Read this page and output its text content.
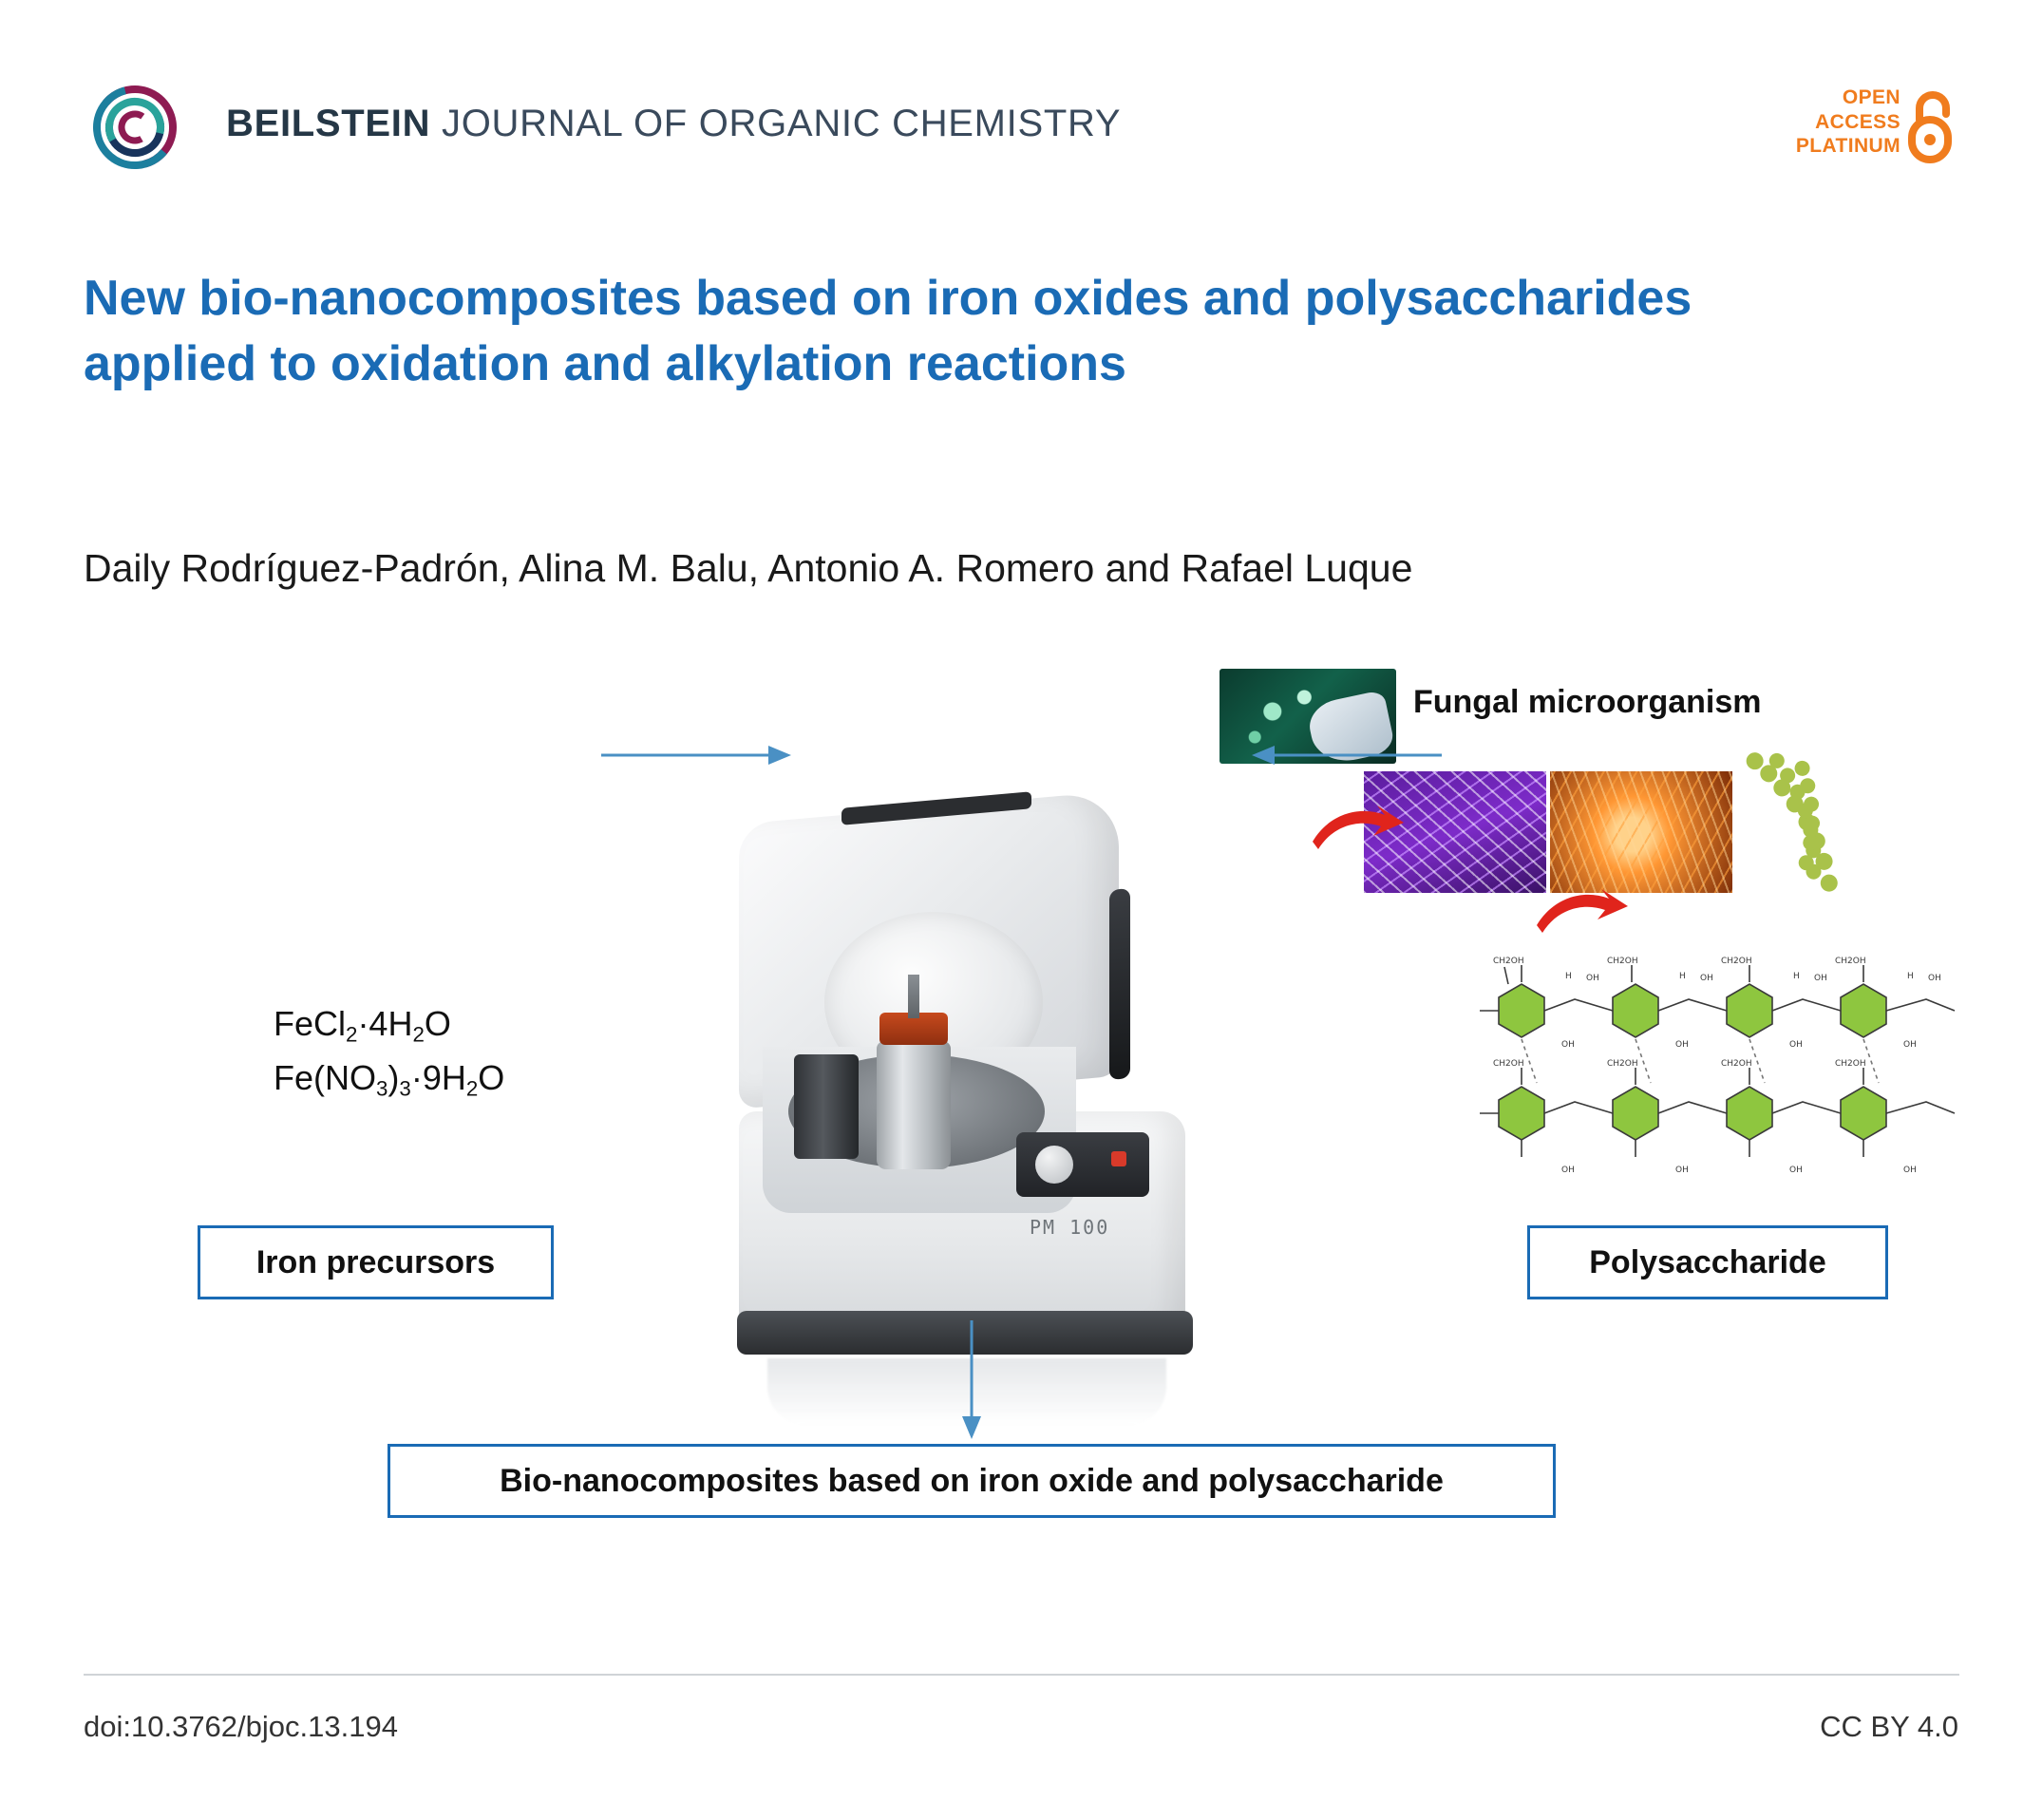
BEILSTEIN JOURNAL OF ORGANIC CHEMISTRY
OPEN
ACCESS
PLATINUM
New bio-nanocomposites based on iron oxides and polysaccharides applied to oxidation and alkylation reactions
Daily Rodríguez-Padrón, Alina M. Balu, Antonio A. Romero and Rafael Luque
$FeCl_2\cdot 4H_2O$
$Fe(NO_3)_3\cdot 9H_2O$
PM 100
Fungal microorganism
CH2OH	CH2OH	CH2OH	CH2OH
CH2OH	CH2OH	CH2OH	CH2OH
H	H	H	H
OH	OH	OH	OH
OH	OH	OH	OH
OH	OH	OH	OH
Iron precursors	Polysaccharide
Bio-nanocomposites based on iron oxide and polysaccharide
doi:10.3762/bjoc.13.194	CC BY 4.0
